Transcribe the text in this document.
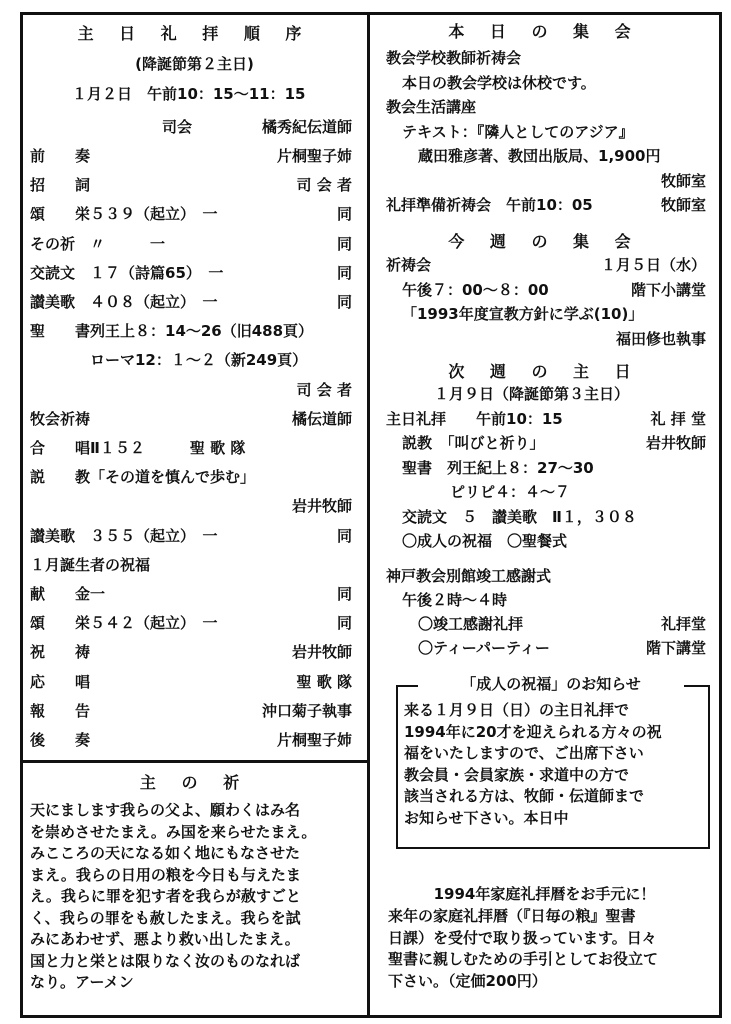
主 日 礼 拝 順 序
(降誕節第２主日)
１月２日　午前10：15〜11：15
司会	橘秀紀伝道師
前　　奏	片桐聖子姉
招　　詞	司 会 者
頌　　栄 ５３９（起立）　一	同
その祈 〃　　　一	同
交読文 １７（詩篇65）　一	同
讃美歌 ４０８（起立）　一	同
聖　　書 列王上８：14〜26（旧488頁）
ローマ12：１〜２（新249頁）
司 会 者
牧会祈祷	橘伝道師
合　　唱 Ⅱ１５２　　　聖 歌 隊
説　　教 「その道を慎んで歩む」
岩井牧師
讃美歌 ３５５（起立）　一	同
１月誕生者の祝福
献　　金 一	同
頌　　栄 ５４２（起立）　一	同
祝　　祷	岩井牧師
応　　唱	聖 歌 隊
報　　告	沖口菊子執事
後　　奏	片桐聖子姉
主 の 祈
天にまします我らの父よ、願わくはみ名
を崇めさせたまえ。み国を来らせたまえ。
みこころの天になる如く地にもなさせた
まえ。我らの日用の粮を今日も与えたま
え。我らに罪を犯す者を我らが赦すごと
く、我らの罪をも赦したまえ。我らを試
みにあわせず、悪より救い出したまえ。
国と力と栄とは限りなく汝のものなれば
なり。アーメン
本 日 の 集 会
教会学校教師祈祷会
本日の教会学校は休校です。
教会生活講座
テキスト：『隣人としてのアジア』
蔵田雅彦著、教団出版局、1,900円
牧師室
礼拝準備祈祷会　午前10：05	牧師室
今 週 の 集 会
祈祷会	１月５日（水）
午後７：00〜８：00	階下小講堂
「1993年度宣教方針に学ぶ(10)」
福田修也執事
次 週 の 主 日
１月９日（降誕節第３主日）
主日礼拝　　午前10：15	礼 拝 堂
説教　「叫びと祈り」	岩井牧師
聖書　列王紀上８：27〜30
ピリピ４：４〜７
交読文　５　讃美歌　Ⅱ１，３０８
〇成人の祝福　〇聖餐式
神戸教会別館竣工感謝式
午後２時〜４時
〇竣工感謝礼拝	礼拝堂
〇ティーパーティー	階下講堂
「成人の祝福」のお知らせ
来る１月９日（日）の主日礼拝で
1994年に20才を迎えられる方々の祝
福をいたしますので、ご出席下さい
教会員・会員家族・求道中の方で
該当される方は、牧師・伝道師まで
お知らせ下さい。本日中
1994年家庭礼拝暦をお手元に！
来年の家庭礼拝暦（『日毎の粮』聖書
日課）を受付で取り扱っています。日々
聖書に親しむための手引としてお役立て
下さい。（定価200円）
